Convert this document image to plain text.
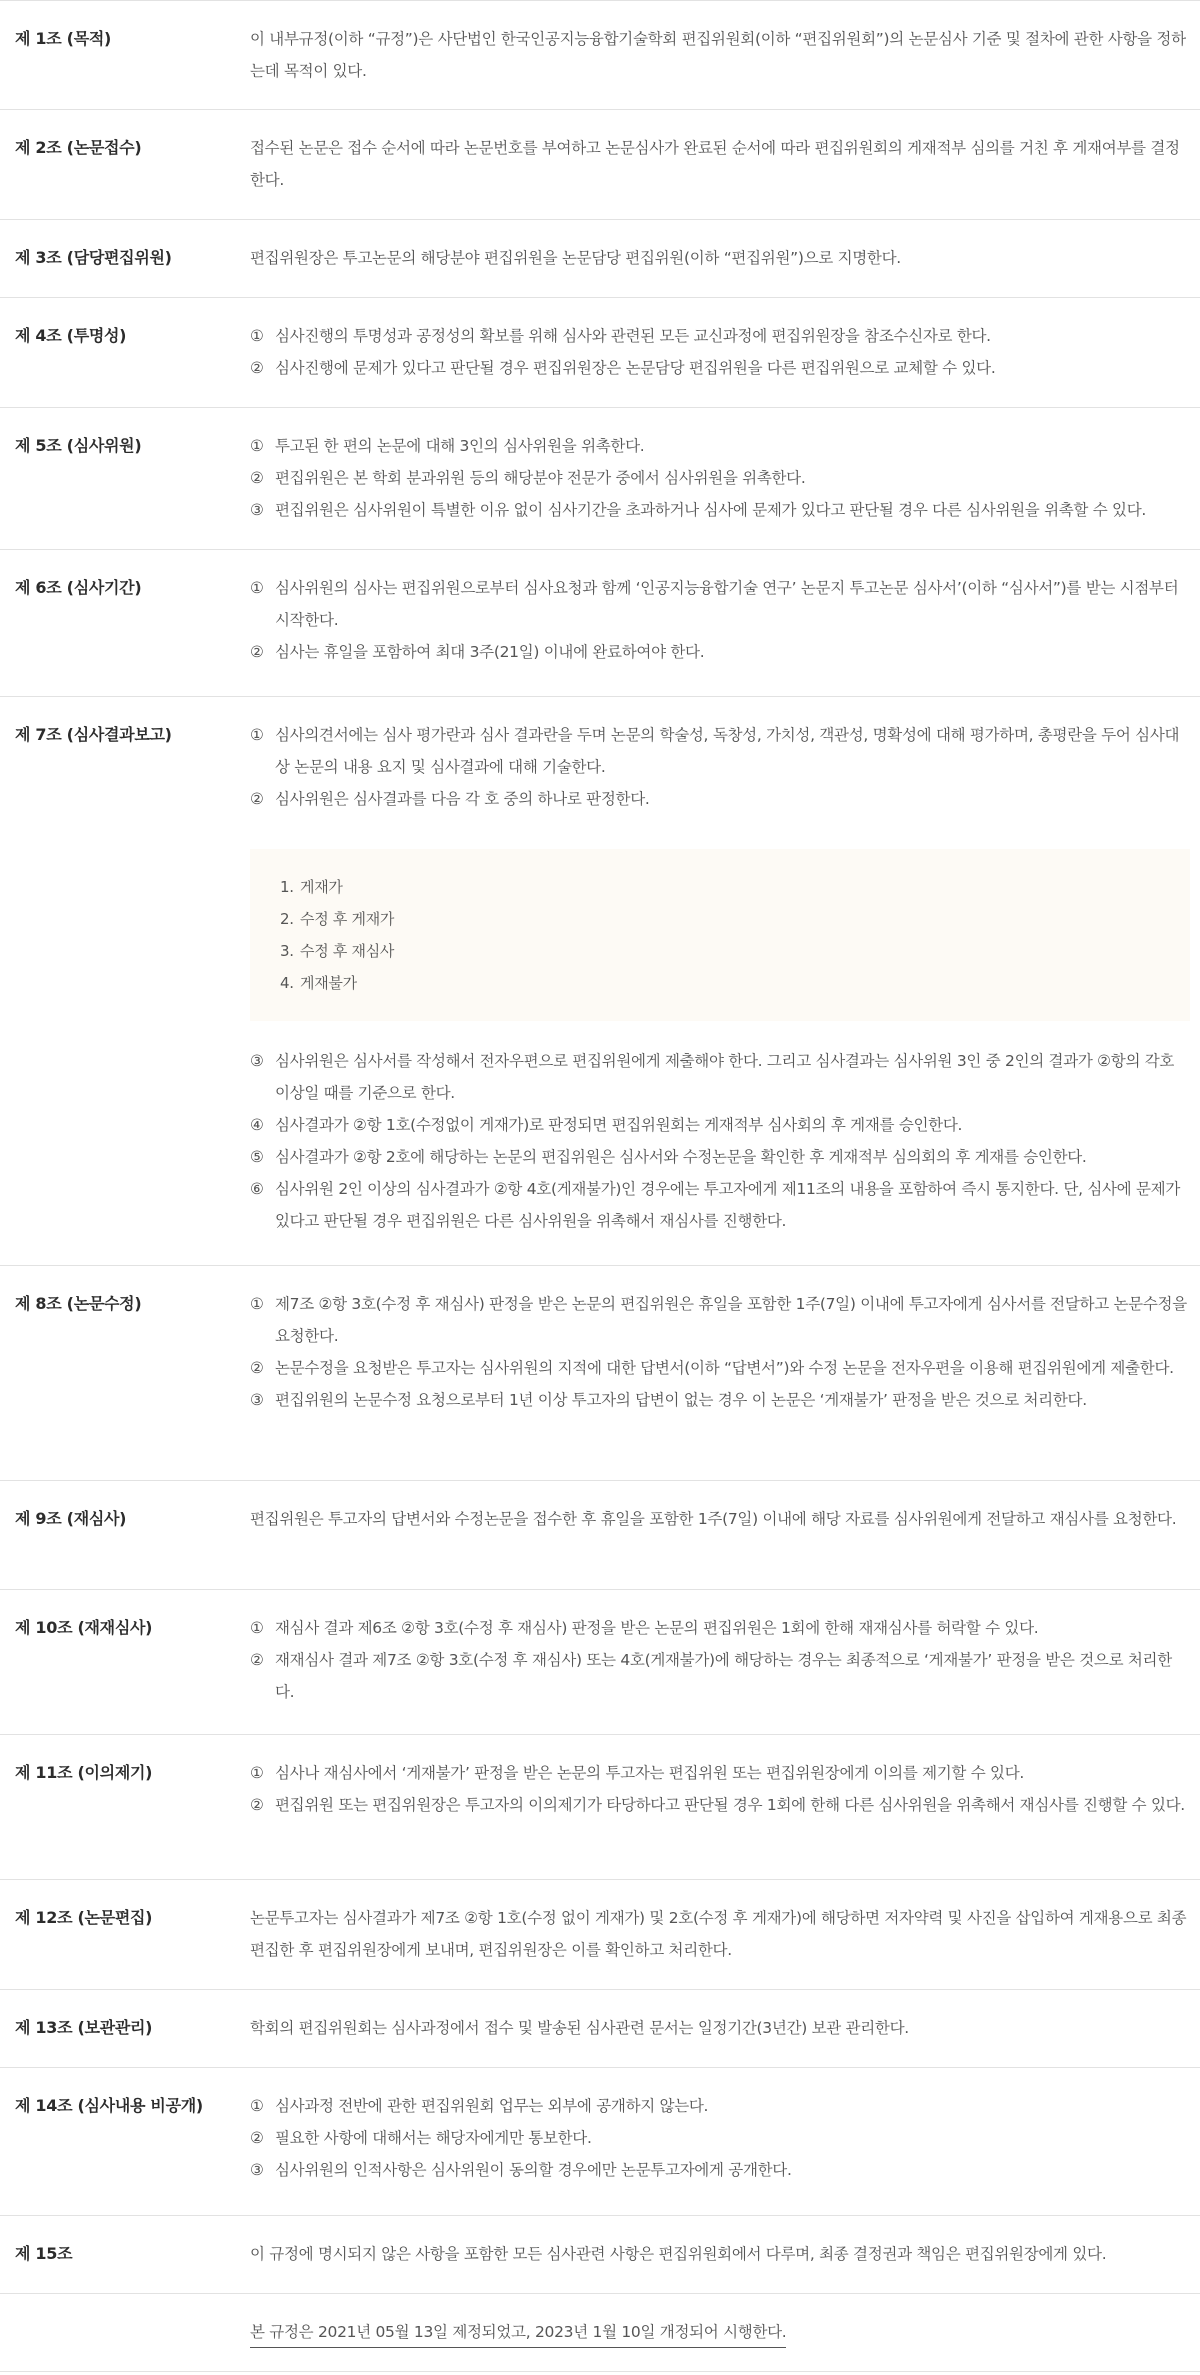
제 1조 (목적)	이 내부규정(이하 “규정”)은 사단법인 한국인공지능융합기술학회 편집위원회(이하 “편집위원회”)의 논문심사 기준 및 절차에 관한 사항을 정하는데 목적이 있다.
제 2조 (논문접수)	접수된 논문은 접수 순서에 따라 논문번호를 부여하고 논문심사가 완료된 순서에 따라 편집위원회의 게재적부 심의를 거친 후 게재여부를 결정한다.
제 3조 (담당편집위원)	편집위원장은 투고논문의 해당분야 편집위원을 논문담당 편집위원(이하 “편집위원”)으로 지명한다.
제 4조 (투명성)	① 심사진행의 투명성과 공정성의 확보를 위해 심사와 관련된 모든 교신과정에 편집위원장을 참조수신자로 한다.
② 심사진행에 문제가 있다고 판단될 경우 편집위원장은 논문담당 편집위원을 다른 편집위원으로 교체할 수 있다.
제 5조 (심사위원)	① 투고된 한 편의 논문에 대해 3인의 심사위원을 위촉한다.
② 편집위원은 본 학회 분과위원 등의 해당분야 전문가 중에서 심사위원을 위촉한다.
③ 편집위원은 심사위원이 특별한 이유 없이 심사기간을 초과하거나 심사에 문제가 있다고 판단될 경우 다른 심사위원을 위촉할 수 있다.
제 6조 (심사기간)	① 심사위원의 심사는 편집위원으로부터 심사요청과 함께 ‘인공지능융합기술 연구’ 논문지 투고논문 심사서’(이하 “심사서”)를 받는 시점부터 시작한다.
② 심사는 휴일을 포함하여 최대 3주(21일) 이내에 완료하여야 한다.
제 7조 (심사결과보고)	① 심사의견서에는 심사 평가란과 심사 결과란을 두며 논문의 학술성, 독창성, 가치성, 객관성, 명확성에 대해 평가하며, 총평란을 두어 심사대상 논문의 내용 요지 및 심사결과에 대해 기술한다.
② 심사위원은 심사결과를 다음 각 호 중의 하나로 판정한다.
1. 게재가
2. 수정 후 게재가
3. 수정 후 재심사
4. 게재불가
③ 심사위원은 심사서를 작성해서 전자우편으로 편집위원에게 제출해야 한다. 그리고 심사결과는 심사위원 3인 중 2인의 결과가 ②항의 각호 이상일 때를 기준으로 한다.
④ 심사결과가 ②항 1호(수정없이 게재가)로 판정되면 편집위원회는 게재적부 심사회의 후 게재를 승인한다.
⑤ 심사결과가 ②항 2호에 해당하는 논문의 편집위원은 심사서와 수정논문을 확인한 후 게재적부 심의회의 후 게재를 승인한다.
⑥ 심사위원 2인 이상의 심사결과가 ②항 4호(게재불가)인 경우에는 투고자에게 제11조의 내용을 포함하여 즉시 통지한다. 단, 심사에 문제가 있다고 판단될 경우 편집위원은 다른 심사위원을 위촉해서 재심사를 진행한다.
제 8조 (논문수정)	① 제7조 ②항 3호(수정 후 재심사) 판정을 받은 논문의 편집위원은 휴일을 포함한 1주(7일) 이내에 투고자에게 심사서를 전달하고 논문수정을 요청한다.
② 논문수정을 요청받은 투고자는 심사위원의 지적에 대한 답변서(이하 “답변서”)와 수정 논문을 전자우편을 이용해 편집위원에게 제출한다.
③ 편집위원의 논문수정 요청으로부터 1년 이상 투고자의 답변이 없는 경우 이 논문은 ‘게재불가’ 판정을 받은 것으로 처리한다.
제 9조 (재심사)	편집위원은 투고자의 답변서와 수정논문을 접수한 후 휴일을 포함한 1주(7일) 이내에 해당 자료를 심사위원에게 전달하고 재심사를 요청한다.
제 10조 (재재심사)	① 재심사 결과 제6조 ②항 3호(수정 후 재심사) 판정을 받은 논문의 편집위원은 1회에 한해 재재심사를 허락할 수 있다.
② 재재심사 결과 제7조 ②항 3호(수정 후 재심사) 또는 4호(게재불가)에 해당하는 경우는 최종적으로 ‘게재불가’ 판정을 받은 것으로 처리한다.
제 11조 (이의제기)	① 심사나 재심사에서 ‘게재불가’ 판정을 받은 논문의 투고자는 편집위원 또는 편집위원장에게 이의를 제기할 수 있다.
② 편집위원 또는 편집위원장은 투고자의 이의제기가 타당하다고 판단될 경우 1회에 한해 다른 심사위원을 위촉해서 재심사를 진행할 수 있다.
제 12조 (논문편집)	논문투고자는 심사결과가 제7조 ②항 1호(수정 없이 게재가) 및 2호(수정 후 게재가)에 해당하면 저자약력 및 사진을 삽입하여 게재용으로 최종 편집한 후 편집위원장에게 보내며, 편집위원장은 이를 확인하고 처리한다.
제 13조 (보관관리)	학회의 편집위원회는 심사과정에서 접수 및 발송된 심사관련 문서는 일정기간(3년간) 보관 관리한다.
제 14조 (심사내용 비공개)	① 심사과정 전반에 관한 편집위원회 업무는 외부에 공개하지 않는다.
② 필요한 사항에 대해서는 해당자에게만 통보한다.
③ 심사위원의 인적사항은 심사위원이 동의할 경우에만 논문투고자에게 공개한다.
제 15조	이 규정에 명시되지 않은 사항을 포함한 모든 심사관련 사항은 편집위원회에서 다루며, 최종 결정권과 책임은 편집위원장에게 있다.
본 규정은 2021년 05월 13일 제정되었고, 2023년 1월 10일 개정되어 시행한다.
